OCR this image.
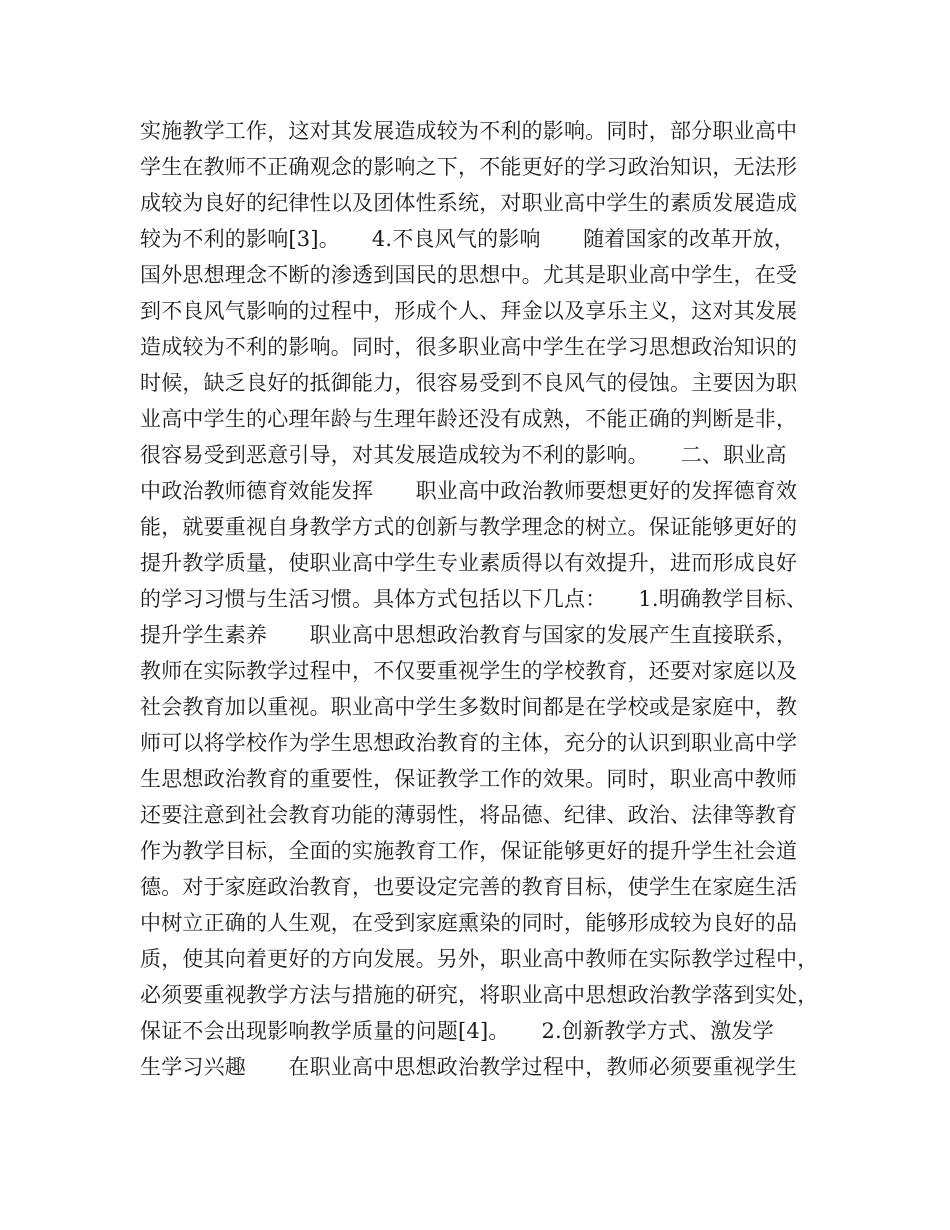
实施教学工作，这对其发展造成较为不利的影响。同时，部分职业高中
学生在教师不正确观念的影响之下，不能更好的学习政治知识，无法形
成较为良好的纪律性以及团体性系统，对职业高中学生的素质发展造成
较为不利的影响[3]。　　4.不良风气的影响　　随着国家的改革开放，
国外思想理念不断的渗透到国民的思想中。尤其是职业高中学生，在受
到不良风气影响的过程中，形成个人、拜金以及享乐主义，这对其发展
造成较为不利的影响。同时，很多职业高中学生在学习思想政治知识的
时候，缺乏良好的抵御能力，很容易受到不良风气的侵蚀。主要因为职
业高中学生的心理年龄与生理年龄还没有成熟，不能正确的判断是非，
很容易受到恶意引导，对其发展造成较为不利的影响。　　二、职业高
中政治教师德育效能发挥　　职业高中政治教师要想更好的发挥德育效
能，就要重视自身教学方式的创新与教学理念的树立。保证能够更好的
提升教学质量，使职业高中学生专业素质得以有效提升，进而形成良好
的学习习惯与生活习惯。具体方式包括以下几点：　　1.明确教学目标、
提升学生素养　　职业高中思想政治教育与国家的发展产生直接联系，
教师在实际教学过程中，不仅要重视学生的学校教育，还要对家庭以及
社会教育加以重视。职业高中学生多数时间都是在学校或是家庭中，教
师可以将学校作为学生思想政治教育的主体，充分的认识到职业高中学
生思想政治教育的重要性，保证教学工作的效果。同时，职业高中教师
还要注意到社会教育功能的薄弱性，将品德、纪律、政治、法律等教育
作为教学目标，全面的实施教育工作，保证能够更好的提升学生社会道
德。对于家庭政治教育，也要设定完善的教育目标，使学生在家庭生活
中树立正确的人生观，在受到家庭熏染的同时，能够形成较为良好的品
质，使其向着更好的方向发展。另外，职业高中教师在实际教学过程中，
必须要重视教学方法与措施的研究，将职业高中思想政治教学落到实处，
保证不会出现影响教学质量的问题[4]。　　2.创新教学方式、激发学
生学习兴趣　　在职业高中思想政治教学过程中，教师必须要重视学生
